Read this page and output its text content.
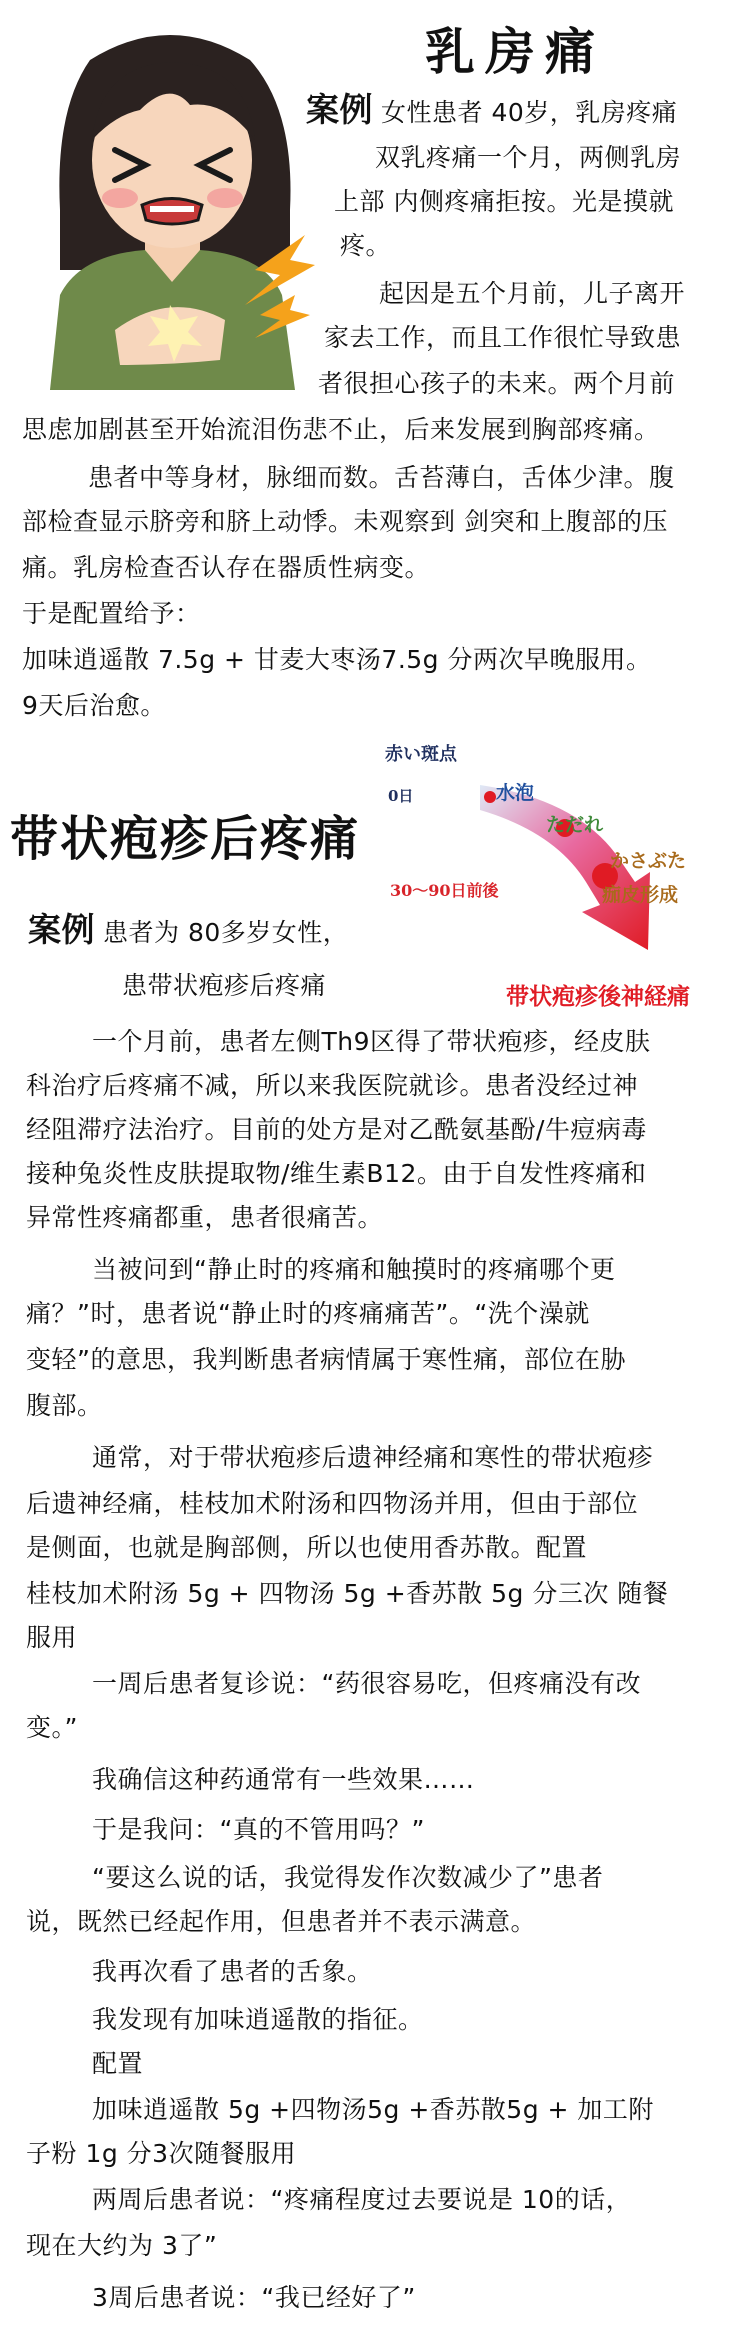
乳房痛
案例 女性患者 40岁，乳房疼痛
双乳疼痛一个月，两侧乳房
上部 内侧疼痛拒按。光是摸就
疼。
起因是五个月前，儿子离开
家去工作，而且工作很忙导致患
者很担心孩子的未来。两个月前
思虑加剧甚至开始流泪伤悲不止，后来发展到胸部疼痛。
患者中等身材，脉细而数。舌苔薄白，舌体少津。腹
部检查显示脐旁和脐上动悸。未观察到 剑突和上腹部的压
痛。乳房检查否认存在器质性病变。
于是配置给予：
加味逍遥散 7.5g + 甘麦大枣汤7.5g 分两次早晚服用。
9天后治愈。
赤い斑点
0日	水泡
ただれ
かさぶた
痂皮形成
30～90日前後
带状疱疹後神経痛
带状疱疹后疼痛
案例 患者为 80多岁女性，
患带状疱疹后疼痛
一个月前，患者左侧Th9区得了带状疱疹，经皮肤
科治疗后疼痛不减，所以来我医院就诊。患者没经过神
经阻滞疗法治疗。目前的处方是对乙酰氨基酚/牛痘病毒
接种兔炎性皮肤提取物/维生素B12。由于自发性疼痛和
异常性疼痛都重，患者很痛苦。
当被问到“静止时的疼痛和触摸时的疼痛哪个更
痛？”时，患者说“静止时的疼痛痛苦”。“洗个澡就
变轻”的意思，我判断患者病情属于寒性痛，部位在胁
腹部。
通常，对于带状疱疹后遗神经痛和寒性的带状疱疹
后遗神经痛，桂枝加术附汤和四物汤并用，但由于部位
是侧面，也就是胸部侧，所以也使用香苏散。配置
桂枝加术附汤 5g + 四物汤 5g +香苏散 5g 分三次 随餐
服用
一周后患者复诊说：“药很容易吃，但疼痛没有改
变。”
我确信这种药通常有一些效果……
于是我问：“真的不管用吗？”
“要这么说的话，我觉得发作次数减少了”患者
说，既然已经起作用，但患者并不表示满意。
我再次看了患者的舌象。
我发现有加味逍遥散的指征。
配置
加味逍遥散 5g +四物汤5g +香苏散5g + 加工附
子粉 1g 分3次随餐服用
两周后患者说：“疼痛程度过去要说是 10的话，
现在大约为 3了”
3周后患者说：“我已经好了”
